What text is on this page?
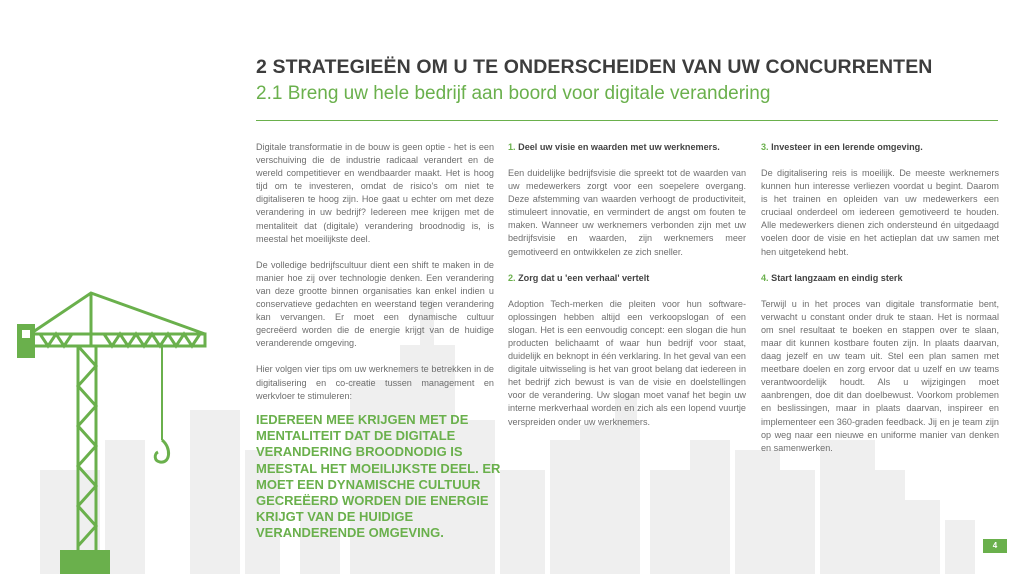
2 STRATEGIEËN OM U TE ONDERSCHEIDEN VAN UW CONCURRENTEN
2.1 Breng uw hele bedrijf aan boord voor digitale verandering

Digitale transformatie in de bouw is geen optie - het is een verschuiving die de industrie radicaal verandert en de wereld competitiever en wendbaarder maakt. Het is hoog tijd om te investeren, omdat de risico's om niet te digitaliseren te hoog zijn. Hoe gaat u echter om met deze verandering in uw bedrijf? Iedereen mee krijgen met de mentaliteit dat (digitale) verandering broodnodig is, is meestal het moeilijkste deel.

De volledige bedrijfscultuur dient een shift te maken in de manier hoe zij over technologie denken. Een verandering van deze grootte binnen organisaties kan enkel indien u conservatieve gedachten en weerstand tegen verandering kan vervangen. Er moet een dynamische cultuur gecreëerd worden die de energie krijgt van de huidige veranderende omgeving.

Hier volgen vier tips om uw werknemers te betrekken in de digitalisering en co-creatie tussen management en werkvloer te stimuleren:

IEDEREEN MEE KRIJGEN MET DE MENTALITEIT DAT DE DIGITALE VERANDERING BROODNODIG IS MEESTAL HET MOEILIJKSTE DEEL. ER MOET EEN DYNAMISCHE CULTUUR GECREËERD WORDEN DIE ENERGIE KRIJGT VAN DE HUIDIGE VERANDERENDE OMGEVING.

1. Deel uw visie en waarden met uw werknemers.

Een duidelijke bedrijfsvisie die spreekt tot de waarden van uw medewerkers zorgt voor een soepelere overgang. Deze afstemming van waarden verhoogt de productiviteit, stimuleert innovatie, en vermindert de angst om fouten te maken. Wanneer uw werknemers verbonden zijn met uw bedrijfsvisie en waarden, zijn werknemers meer gemotiveerd en ontwikkelen ze zich sneller.

2. Zorg dat u 'een verhaal' vertelt

Adoption Tech-merken die pleiten voor hun software-oplossingen hebben altijd een verkoopslogan of een slogan. Het is een eenvoudig concept: een slogan die hun producten belichaamt of waar hun bedrijf voor staat, duidelijk en beknopt in één verklaring. In het geval van een digitale uitwisseling is het van groot belang dat iedereen in het bedrijf zich bewust is van de visie en doelstellingen voor de verandering. Uw slogan moet vanaf het begin uw interne merkverhaal worden en zich als een lopend vuurtje verspreiden onder uw werknemers.

3. Investeer in een lerende omgeving.

De digitalisering reis is moeilijk. De meeste werknemers kunnen hun interesse verliezen voordat u begint. Daarom is het trainen en opleiden van uw medewerkers een cruciaal onderdeel om iedereen gemotiveerd te houden. Alle medewerkers dienen zich ondersteund én uitgedaagd voelen door de visie en het actieplan dat uw samen met hen uitgetekend hebt.

4. Start langzaam en eindig sterk

Terwijl u in het proces van digitale transformatie bent, verwacht u constant onder druk te staan. Het is normaal om snel resultaat te boeken en stappen over te slaan, maar dit kunnen kostbare fouten zijn. In plaats daarvan, daag jezelf en uw team uit. Stel een plan samen met meetbare doelen en zorg ervoor dat u uzelf en uw teams verantwoordelijk houdt. Als u wijzigingen moet aanbrengen, doe dit dan doelbewust. Voorkom problemen en beslissingen, maar in plaats daarvan, inspireer en implementeer een 360-graden feedback. Jij en je team zijn op weg naar een nieuwe en uniforme manier van denken en samenwerken.

4
